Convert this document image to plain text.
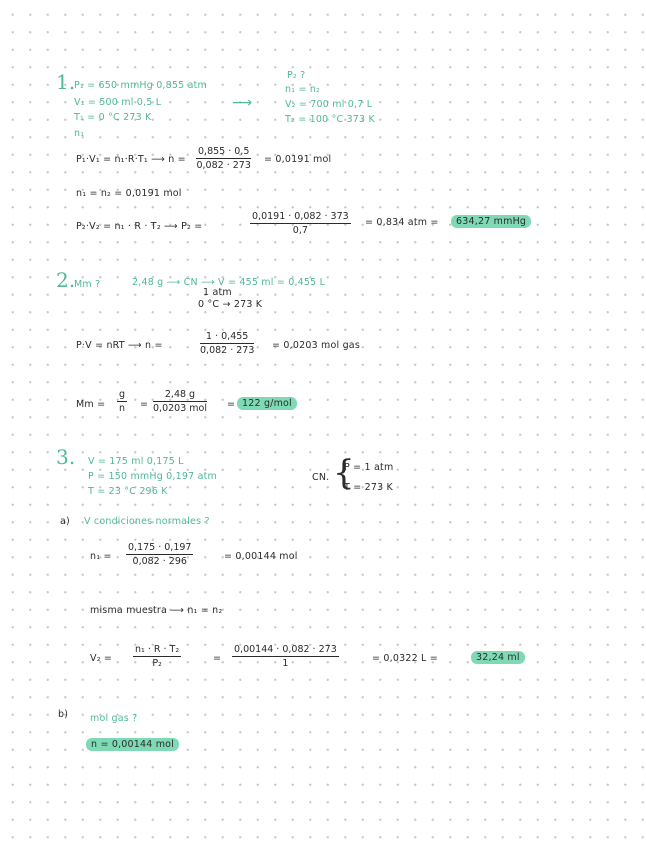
1.
P₁ = 650 mmHg 0,855 atm
V₁ = 500 ml 0,5 L
T₁ = 0 °C 273 K
n₁
⟶
P₂ ?
n₁ = n₂
V₂ = 700 ml 0,7 L
T₂ = 100 °C 373 K
P₁·V₁ = n₁·R·T₁ ⟶ $n = \frac{0,855 \cdot 0,5}{0,082 \cdot 273} = 0,0191$ mol
n₁ = n₂ = 0,0191 mol
P₂·V₂ = n₁ · R · T₂ ⟶ P₂ =	$\frac{0,0191 \cdot 0,082 \cdot 373}{0,7} = 0,834$ atm =	634,27 mmHg
2.
Mm ?	2,48 g ⟶ CN ⟶ V = 455 ml = 0,455 L
1 atm
0 °C → 273 K
P·V = nRT ⟶ n =	$\frac{1 \cdot 0,455}{0,082 \cdot 273} = 0,0203$ mol gas
$Mm = \frac{g}{n}$ =
2,48 g
0,0203 mol = 122 g/mol
3. V = 175 ml 0,175 L
P = 150 mmHg 0,197 atm
T = 23 °C 296 K
CN. {
P = 1 atm
T = 273 K
a) V condiciones normales ?
$n_1 = \frac{0,175 \cdot 0,197}{0,082 \cdot 296}$	= 0,00144 mol
misma muestra ⟶ n₁ = n₂
$V_2 = \frac{\text{n₁ · R · T₂}}{\text{P₂}}$	= $\frac{0,00144 \cdot 0,082 \cdot 273}{1}$	= 0,0322 L =	32,24 ml
b) mol gas ?
n = 0,00144 mol
